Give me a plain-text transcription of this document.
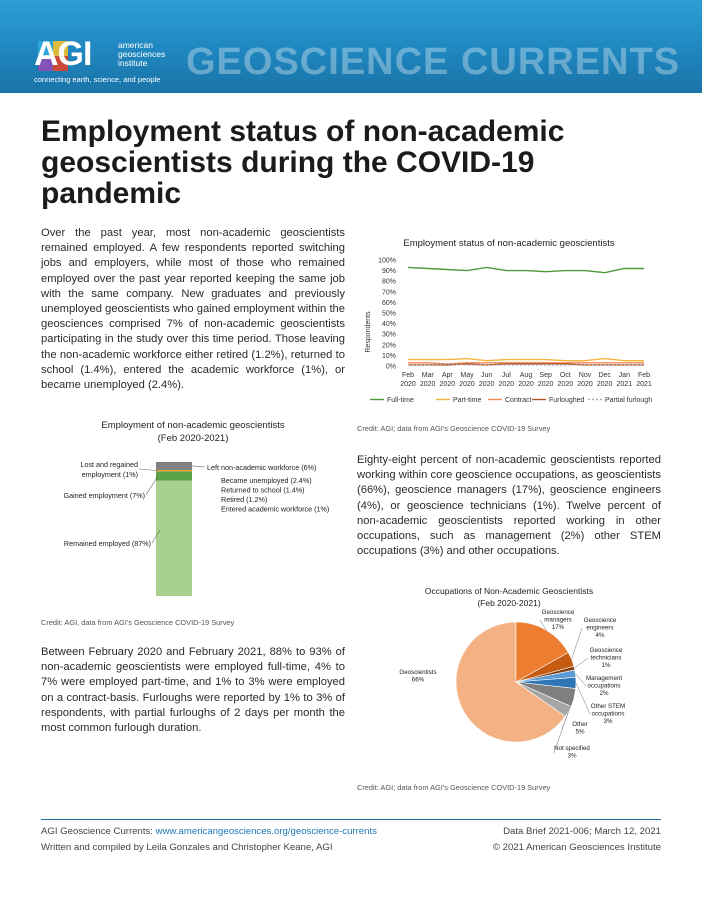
AGI	american
geosciences
institute
connecting earth, science, and people GEOSCIENCE CURRENTS
Employment status of non-academic geoscientists during the COVID-19 pandemic

Over the past year, most non-academic geoscientists remained employed. A few respondents reported switching jobs and employers, while most of those who remained employed over the past year reported keeping the same job with the same company. New graduates and previously unemployed geoscientists who gained employment within the geosciences comprised 7% of non-academic geoscientists participating in the study over this time period. Those leaving the non-academic workforce either retired (1.2%), returned to school (1.4%), entered the academic workforce (1%), or became unemployed (2.4%).

Employment status of non-academic geoscientists
100%
90%
80%
70%
60%
50%
40%
30%
20%
10%
0%
Respondents
Feb
2020
Mar
2020
Apr
2020
May
2020
Jun
2020
Jul
2020
Aug
2020
Sep
2020
Oct
2020
Nov
2020
Dec
2020
Jan
2021
Feb
2021
Full-time	Part-time	Contract	Furloughed	Partial furlough
Credit: AGI; data from AGI's Geoscience COVID-19 Survey

Eighty-eight percent of non-academic geoscientists reported working within core geoscience occupations, as geoscientists (66%), geoscience managers (17%), geoscience engineers (4%), or geoscience technicians (1%). Twelve percent of non-academic geoscientists reported working in other occupations, such as management (2%) other STEM occupations (3%) and other occupations.

Employment of non-academic geoscientists
(Feb 2020-2021)
Remained employed (87%)
Gained employment (7%)
Lost and regained
employment (1%)
Left non-academic workforce (6%)
Became unemployed (2.4%)
Returned to school (1.4%)
Retired (1.2%)
Entered academic workforce (1%)
Credit: AGI, data from AGI's Geoscience COVID-19 Survey

Between February 2020 and February 2021, 88% to 93% of non-academic geoscientists were employed full-time, 4% to 7% were employed part-time, and 1% to 3% were employed on a contract-basis. Furloughs were reported by 1% to 3% of respondents, with partial furloughs of 2 days per month the most common furlough duration.

Occupations of Non-Academic Geoscientists
(Feb 2020-2021)
Geoscientists
66%
Geoscience
managers
17%
Geoscience
engineers
4%
Geoscience
technicians
1%
Management
occupations
2%
Other STEM
occupations
3%
Other
5%
Not specified
3%
Credit: AGI; data from AGI's Geoscience COVID-19 Survey
AGI Geoscience Currents: www.americangeosciences.org/geoscience-currents
Written and compiled by Leila Gonzales and Christopher Keane, AGI
Data Brief 2021-006; March 12, 2021
© 2021 American Geosciences Institute
